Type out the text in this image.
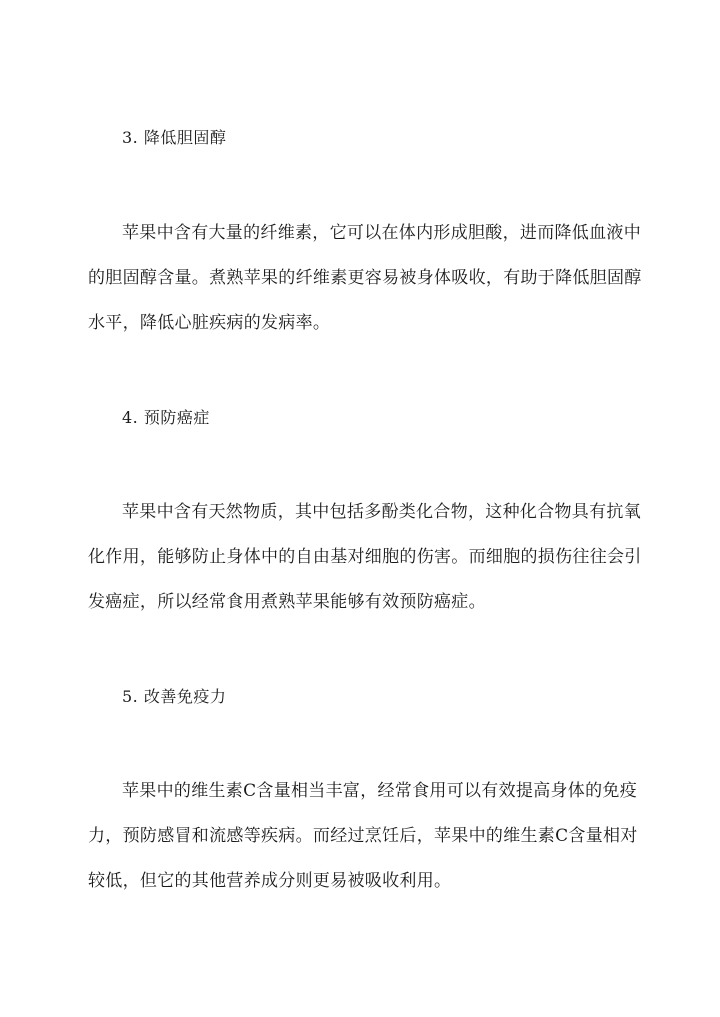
3. 降低胆固醇
苹果中含有大量的纤维素，它可以在体内形成胆酸，进而降低血液中
的胆固醇含量。煮熟苹果的纤维素更容易被身体吸收，有助于降低胆固醇
水平，降低心脏疾病的发病率。
4. 预防癌症
苹果中含有天然物质，其中包括多酚类化合物，这种化合物具有抗氧
化作用，能够防止身体中的自由基对细胞的伤害。而细胞的损伤往往会引
发癌症，所以经常食用煮熟苹果能够有效预防癌症。
5. 改善免疫力
苹果中的维生素C含量相当丰富，经常食用可以有效提高身体的免疫
力，预防感冒和流感等疾病。而经过烹饪后，苹果中的维生素C含量相对
较低，但它的其他营养成分则更易被吸收利用。
